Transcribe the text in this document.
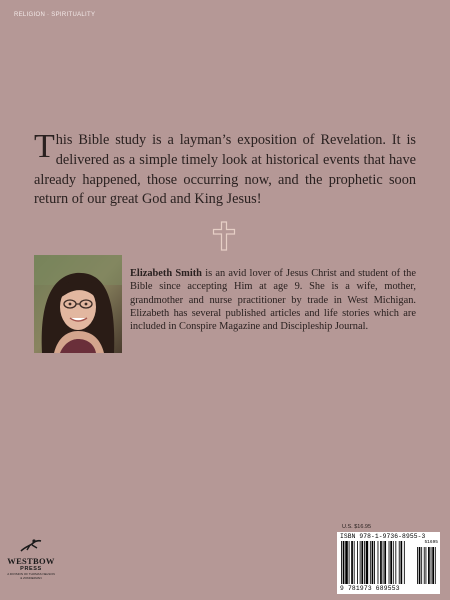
RELIGION · SPIRITUALITY

This Bible study is a layman’s exposition of Revelation. It is delivered as a simple timely look at historical events that have already happened, those occurring now, and the prophetic soon return of our great God and King Jesus!

Elizabeth Smith is an avid lover of Jesus Christ and student of the Bible since accepting Him at age 9. She is a wife, mother, grandmother and nurse practitioner by trade in West Michigan. Elizabeth has several published articles and life stories which are included in Conspire Magazine and Discipleship Journal.

WESTBOW
PRESS
A DIVISION OF THOMAS NELSON & ZONDERVAN
U.S. $16.95
ISBN 978-1-9736-8955-3
51695
9 781973 689553
